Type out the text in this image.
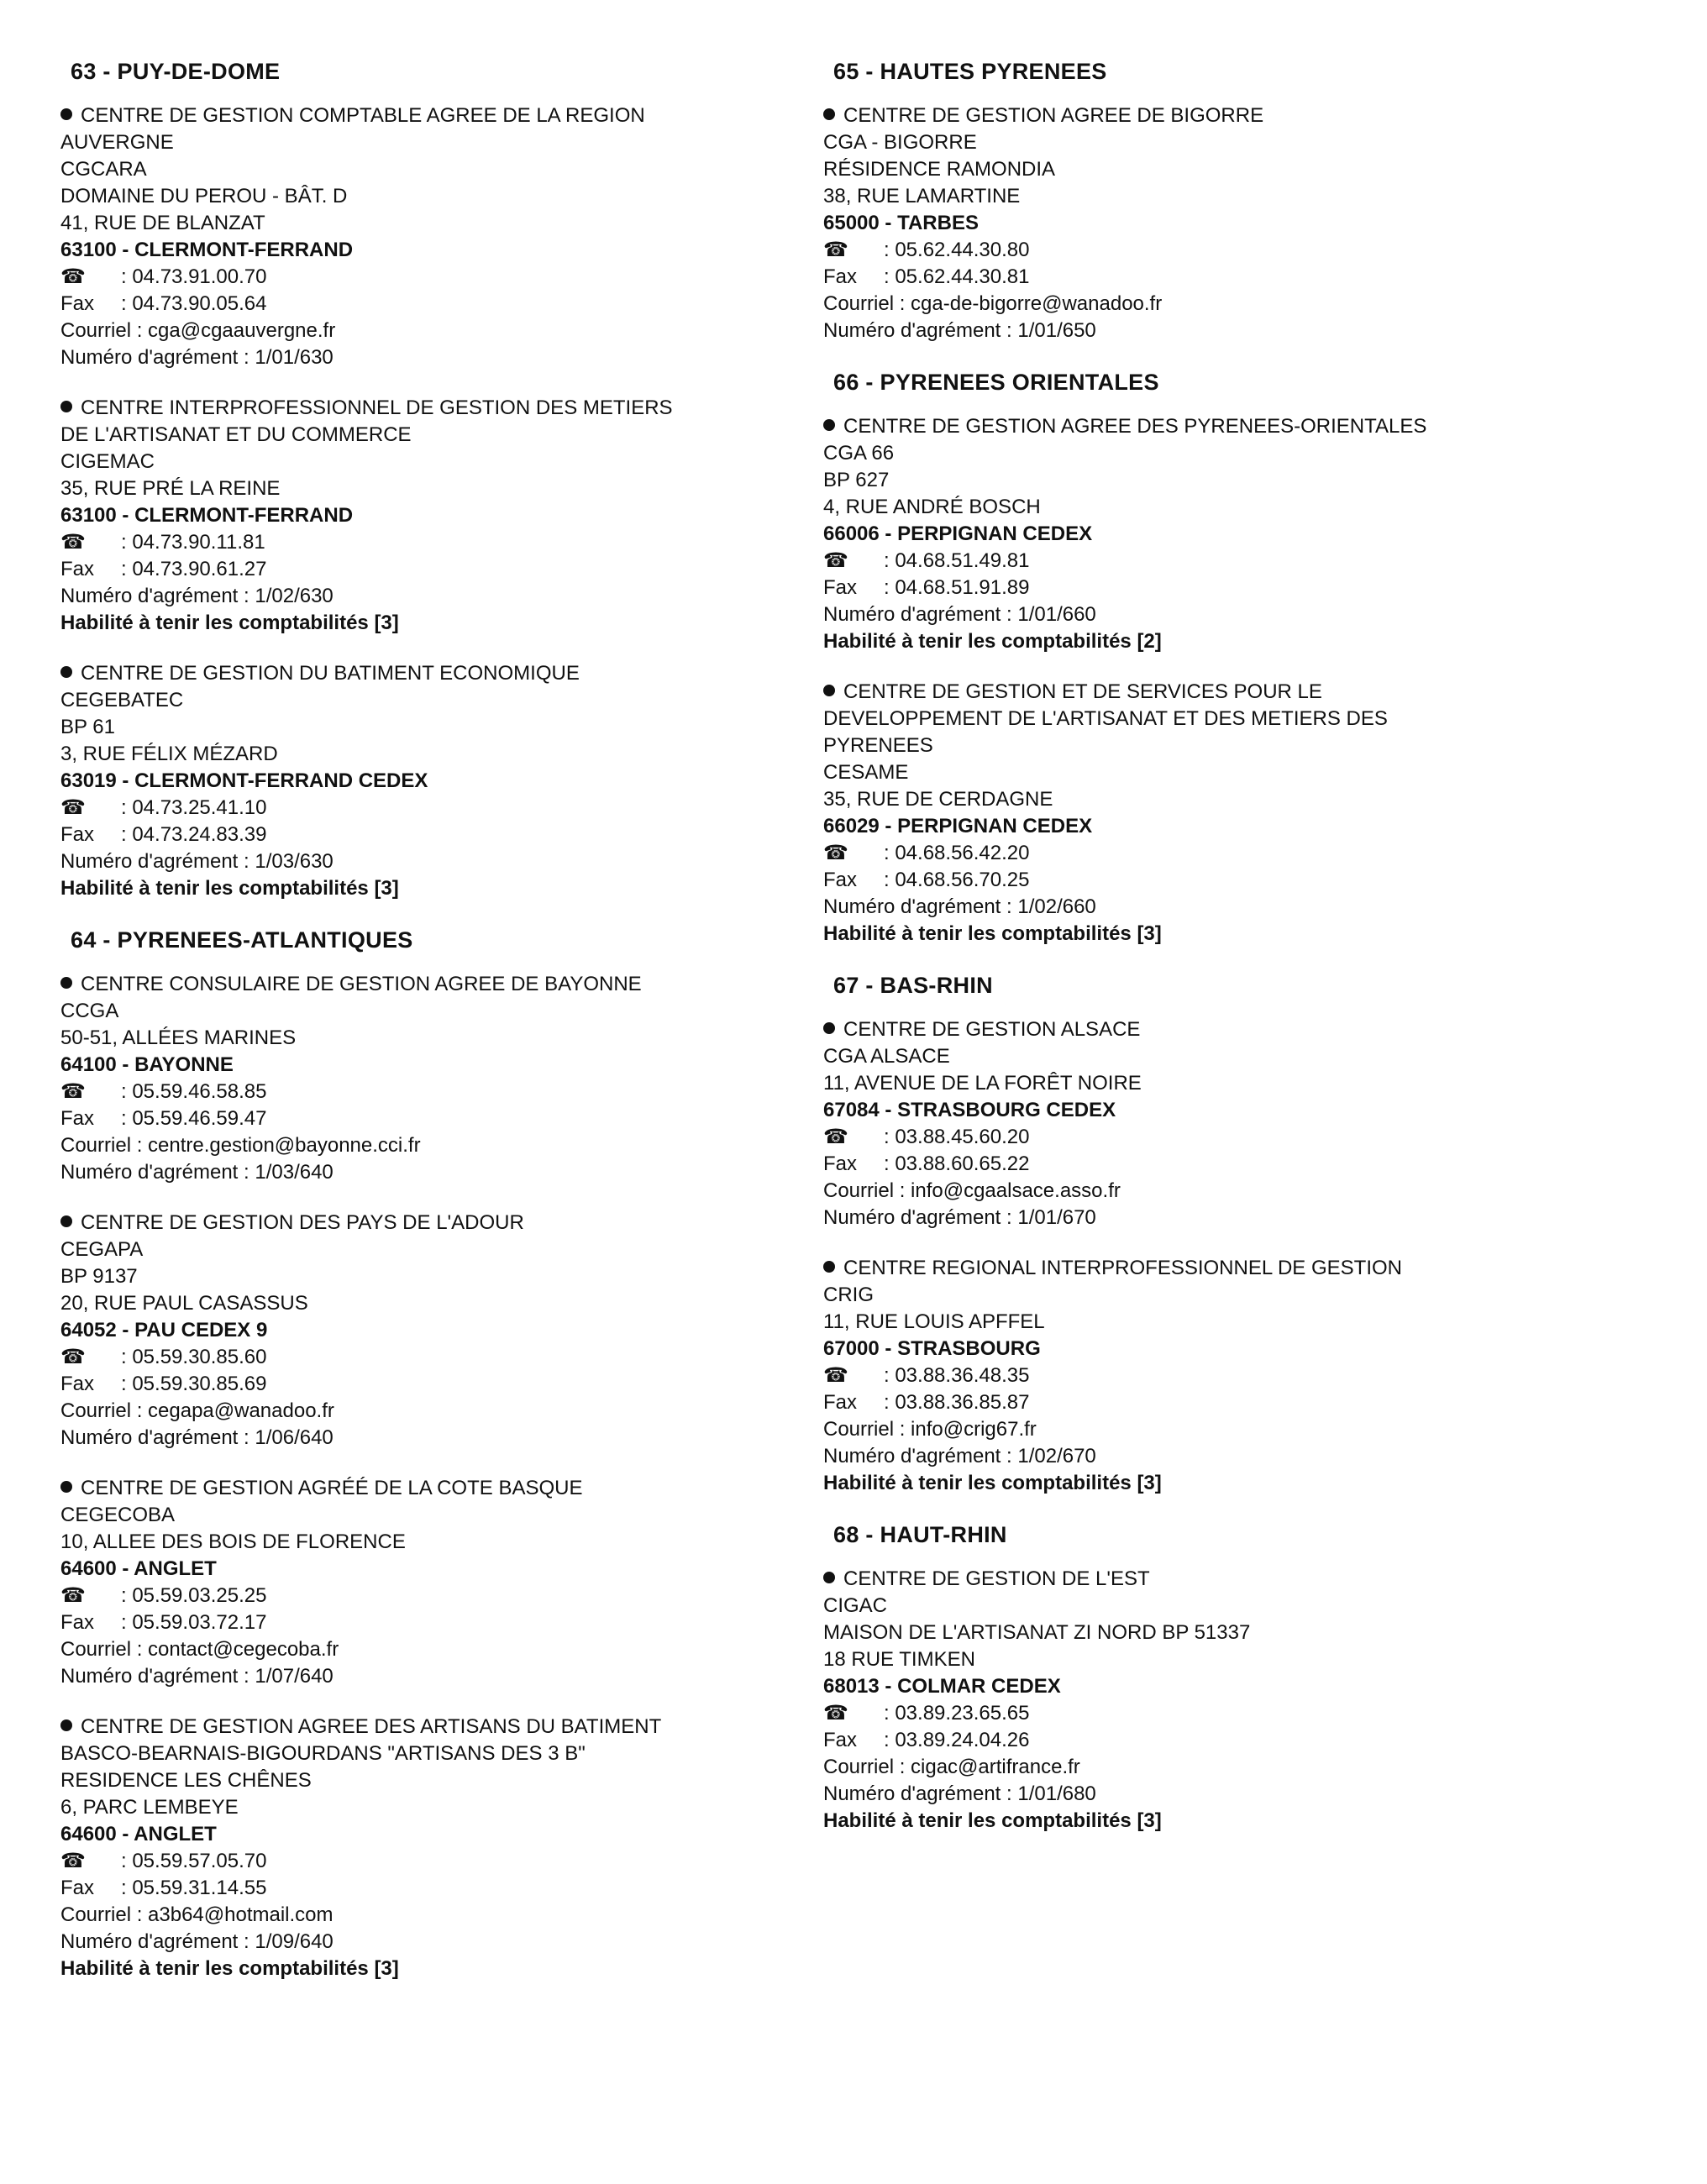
63 - PUY-DE-DOME
CENTRE DE GESTION COMPTABLE AGREE DE LA REGION
AUVERGNE
CGCARA
DOMAINE DU PEROU - BÂT. D
41, RUE DE BLANZAT
63100 - CLERMONT-FERRAND
☎ : 04.73.91.00.70
Fax : 04.73.90.05.64
Courriel : cga@cgaauvergne.fr
Numéro d'agrément : 1/01/630
CENTRE INTERPROFESSIONNEL DE GESTION DES METIERS
DE L'ARTISANAT ET DU COMMERCE
CIGEMAC
35, RUE PRÉ LA REINE
63100 - CLERMONT-FERRAND
☎ : 04.73.90.11.81
Fax : 04.73.90.61.27
Numéro d'agrément : 1/02/630
Habilité à tenir les comptabilités [3]
CENTRE DE GESTION DU BATIMENT ECONOMIQUE
CEGEBATEC
BP 61
3, RUE FÉLIX MÉZARD
63019 - CLERMONT-FERRAND CEDEX
☎ : 04.73.25.41.10
Fax : 04.73.24.83.39
Numéro d'agrément : 1/03/630
Habilité à tenir les comptabilités [3]
64 - PYRENEES-ATLANTIQUES
CENTRE CONSULAIRE DE GESTION AGREE DE BAYONNE
CCGA
50-51, ALLÉES MARINES
64100 - BAYONNE
☎ : 05.59.46.58.85
Fax : 05.59.46.59.47
Courriel : centre.gestion@bayonne.cci.fr
Numéro d'agrément : 1/03/640
CENTRE DE GESTION DES PAYS DE L'ADOUR
CEGAPA
BP 9137
20, RUE PAUL CASASSUS
64052 - PAU CEDEX 9
☎ : 05.59.30.85.60
Fax : 05.59.30.85.69
Courriel : cegapa@wanadoo.fr
Numéro d'agrément : 1/06/640
CENTRE DE GESTION AGRÉÉ DE LA COTE BASQUE
CEGECOBA
10, ALLEE DES BOIS DE FLORENCE
64600 - ANGLET
☎ : 05.59.03.25.25
Fax : 05.59.03.72.17
Courriel : contact@cegecoba.fr
Numéro d'agrément : 1/07/640
CENTRE DE GESTION AGREE DES ARTISANS DU BATIMENT
BASCO-BEARNAIS-BIGOURDANS "ARTISANS DES 3 B"
RESIDENCE LES CHÊNES
6, PARC LEMBEYE
64600 - ANGLET
☎ : 05.59.57.05.70
Fax : 05.59.31.14.55
Courriel : a3b64@hotmail.com
Numéro d'agrément : 1/09/640
Habilité à tenir les comptabilités [3]
65 - HAUTES PYRENEES
CENTRE DE GESTION AGREE DE BIGORRE
CGA - BIGORRE
RÉSIDENCE RAMONDIA
38, RUE LAMARTINE
65000 - TARBES
☎ : 05.62.44.30.80
Fax : 05.62.44.30.81
Courriel : cga-de-bigorre@wanadoo.fr
Numéro d'agrément : 1/01/650
66 - PYRENEES ORIENTALES
CENTRE DE GESTION AGREE DES PYRENEES-ORIENTALES
CGA 66
BP 627
4, RUE ANDRÉ BOSCH
66006 - PERPIGNAN CEDEX
☎ : 04.68.51.49.81
Fax : 04.68.51.91.89
Numéro d'agrément : 1/01/660
Habilité à tenir les comptabilités [2]
CENTRE DE GESTION ET DE SERVICES POUR LE
DEVELOPPEMENT DE L'ARTISANAT ET DES METIERS DES
PYRENEES
CESAME
35, RUE DE CERDAGNE
66029 - PERPIGNAN CEDEX
☎ : 04.68.56.42.20
Fax : 04.68.56.70.25
Numéro d'agrément : 1/02/660
Habilité à tenir les comptabilités [3]
67 - BAS-RHIN
CENTRE DE GESTION ALSACE
CGA ALSACE
11, AVENUE DE LA FORÊT NOIRE
67084 - STRASBOURG CEDEX
☎ : 03.88.45.60.20
Fax : 03.88.60.65.22
Courriel : info@cgaalsace.asso.fr
Numéro d'agrément : 1/01/670
CENTRE REGIONAL INTERPROFESSIONNEL DE GESTION
CRIG
11, RUE LOUIS APFFEL
67000 - STRASBOURG
☎ : 03.88.36.48.35
Fax : 03.88.36.85.87
Courriel : info@crig67.fr
Numéro d'agrément : 1/02/670
Habilité à tenir les comptabilités [3]
68 - HAUT-RHIN
CENTRE DE GESTION DE L'EST
CIGAC
MAISON DE L'ARTISANAT ZI NORD BP 51337
18 RUE TIMKEN
68013 - COLMAR CEDEX
☎ : 03.89.23.65.65
Fax : 03.89.24.04.26
Courriel : cigac@artifrance.fr
Numéro d'agrément : 1/01/680
Habilité à tenir les comptabilités [3]
